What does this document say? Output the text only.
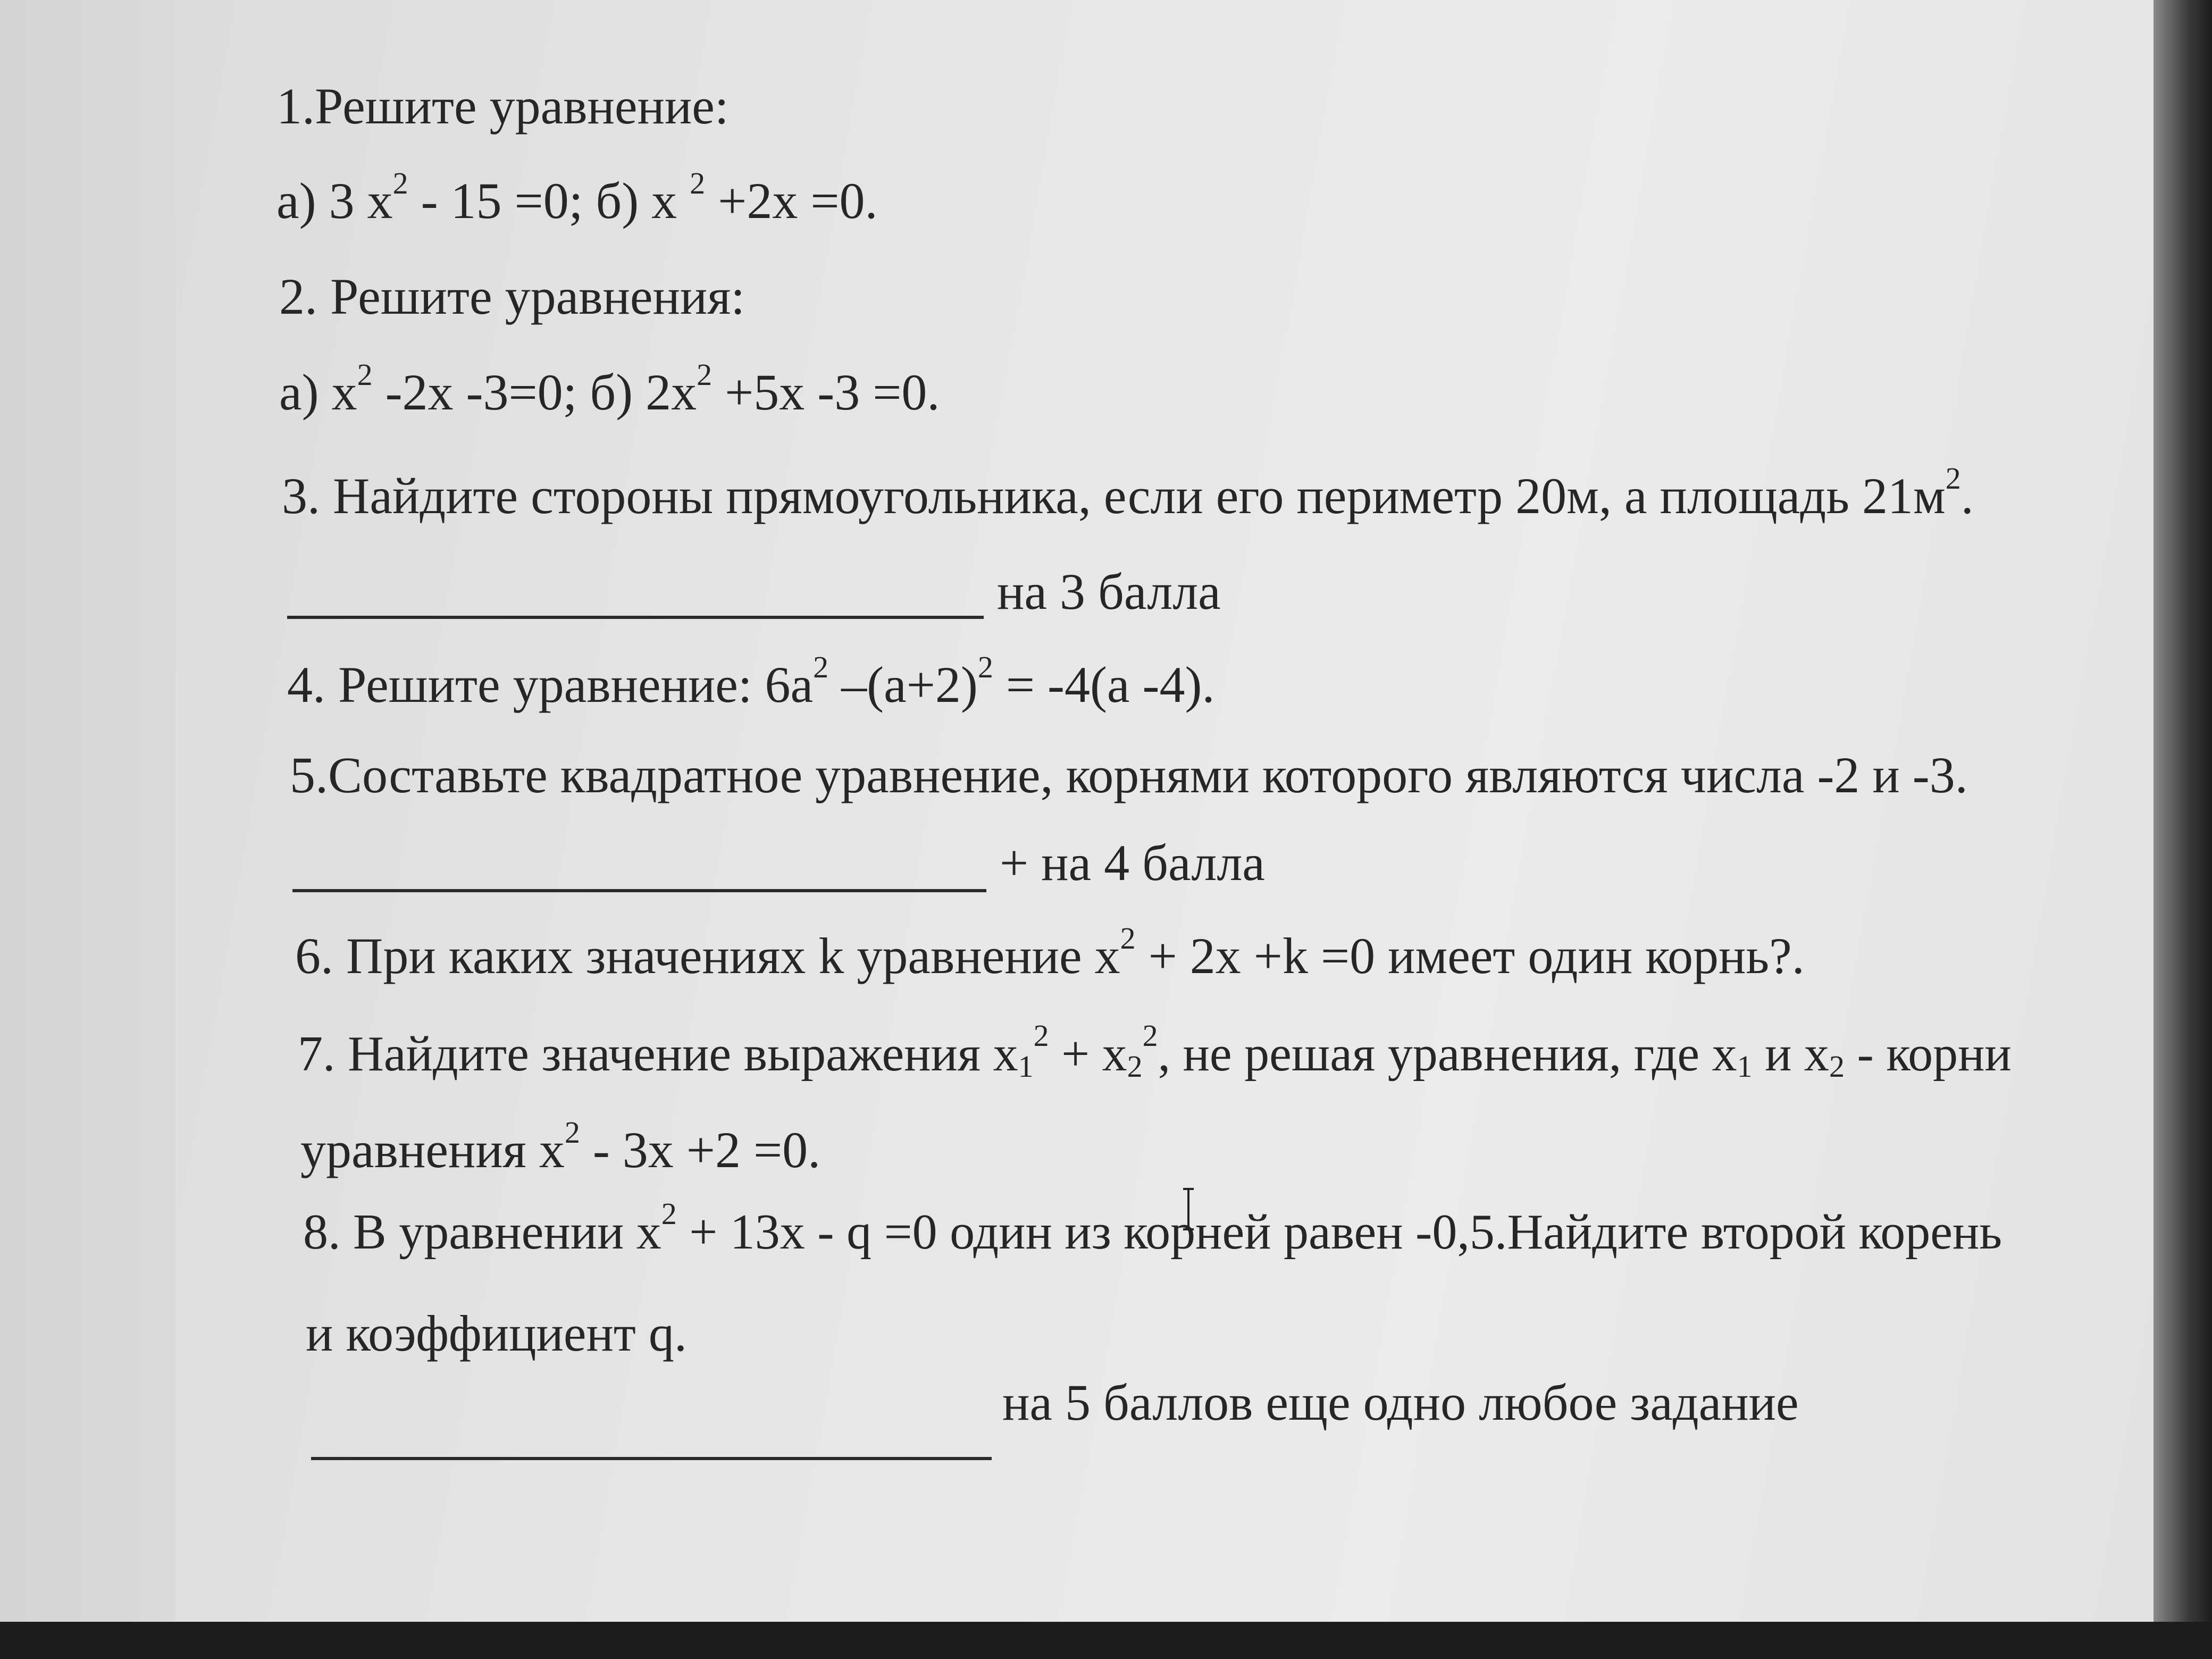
1.Решите уравнение:
а) 3 $x^2 - 15 =0$; б) x $^2$ +2x =0.
2. Решите уравнения:
а) $x^2$ -2x -3=0; б) $2x^2 +5x$ -3 =0.
3. Найдите стороны прямоугольника, если его периметр 20м, а площадь $21м^2$.
на 3 балла
4. Решите уравнение: $6a^2$ $-(a+2)^2 = -4(a$ -4).
5.Составьте квадратное уравнение, корнями которого являются числа -2 и -3.
+ на 4 балла
6. При каких значениях k уравнение $x^2 + 2x +k =0$ имеет один корнь?.
7. Найдите значение выражения $x_1^2 + x_2^2$, не решая уравнения, где $x_1$ и $x_2$ - корни
уравнения $x^2 - 3x +2 =0$.
8. В уравнении $x^2 + 13x - q =0$ один из корней равен -0,5.Найдите второй корень
и коэффициент q.
на 5 баллов еще одно любое задание
